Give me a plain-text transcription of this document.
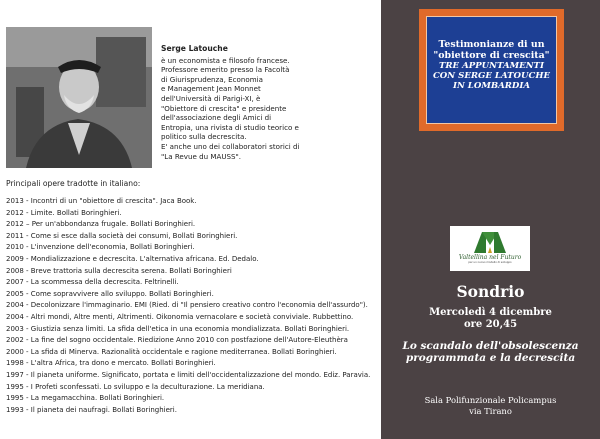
Serge Latouche
è un economista e filosofo francese.
Professore emerito presso la Facoltà
di Giurisprudenza, Economia
e Management Jean Monnet
dell'Università di Parigi-XI, è
"Obiettore di crescita" e presidente
dell'associazione degli Amici di
Entropia, una rivista di studio teorico e
politico sulla decrescita.
E' anche uno dei collaboratori storici di
"La Revue du MAUSS".
Principali opere tradotte in italiano:
2013 - Incontri di un "obiettore di crescita". Jaca Book.
2012 - Limite. Bollati Boringhieri.
2012 – Per un'abbondanza frugale. Bollati Boringhieri.
2011 - Come si esce dalla società dei consumi, Bollati Boringhieri.
2010 - L'invenzione dell'economia, Bollati Boringhieri.
2009 - Mondializzazione e decrescita. L'alternativa africana. Ed. Dedalo.
2008 - Breve trattoria sulla decrescita serena. Bollati Boringhieri
2007 - La scommessa della decrescita. Feltrinelli.
2005 - Come sopravvivere allo sviluppo. Bollati Boringhieri.
2004 - Decolonizzare l'immaginario. EMI (Ried. di "Il pensiero creativo contro l'economia dell'assurdo").
2004 - Altri mondi, Altre menti, Altrimenti. Oikonomia vernacolare e società conviviale. Rubbettino.
2003 - Giustizia senza limiti. La sfida dell'etica in una economia mondializzata. Bollati Boringhieri.
2002 - La fine del sogno occidentale. Riedizione Anno 2010 con postfazione dell'Autore-Eleuthèra
2000 - La sfida di Minerva. Razionalità occidentale e ragione mediterranea. Bollati Boringhieri.
1998 - L'altra Africa, tra dono e mercato. Bollati Boringhieri.
1997 - Il pianeta uniforme. Significato, portata e limiti dell'occidentalizzazione del mondo. Ediz. Paravia.
1995 - I Profeti sconfessati. Lo sviluppo e la deculturazione. La meridiana.
1995 - La megamacchina. Bollati Boringhieri.
1993 - Il pianeta dei naufragi. Bollati Boringhieri.
Testimonianze di un
"obiettore di crescita"
TRE APPUNTAMENTI
CON SERGE LATOUCHE
IN LOMBARDIA
Valtellina nel Futuro
per un nuovo modello di sviluppo
Sondrio
Mercoledì 4 dicembre
ore 20,45
Lo scandalo dell'obsolescenza
programmata e la decrescita
Sala Polifunzionale Policampus
via Tirano
